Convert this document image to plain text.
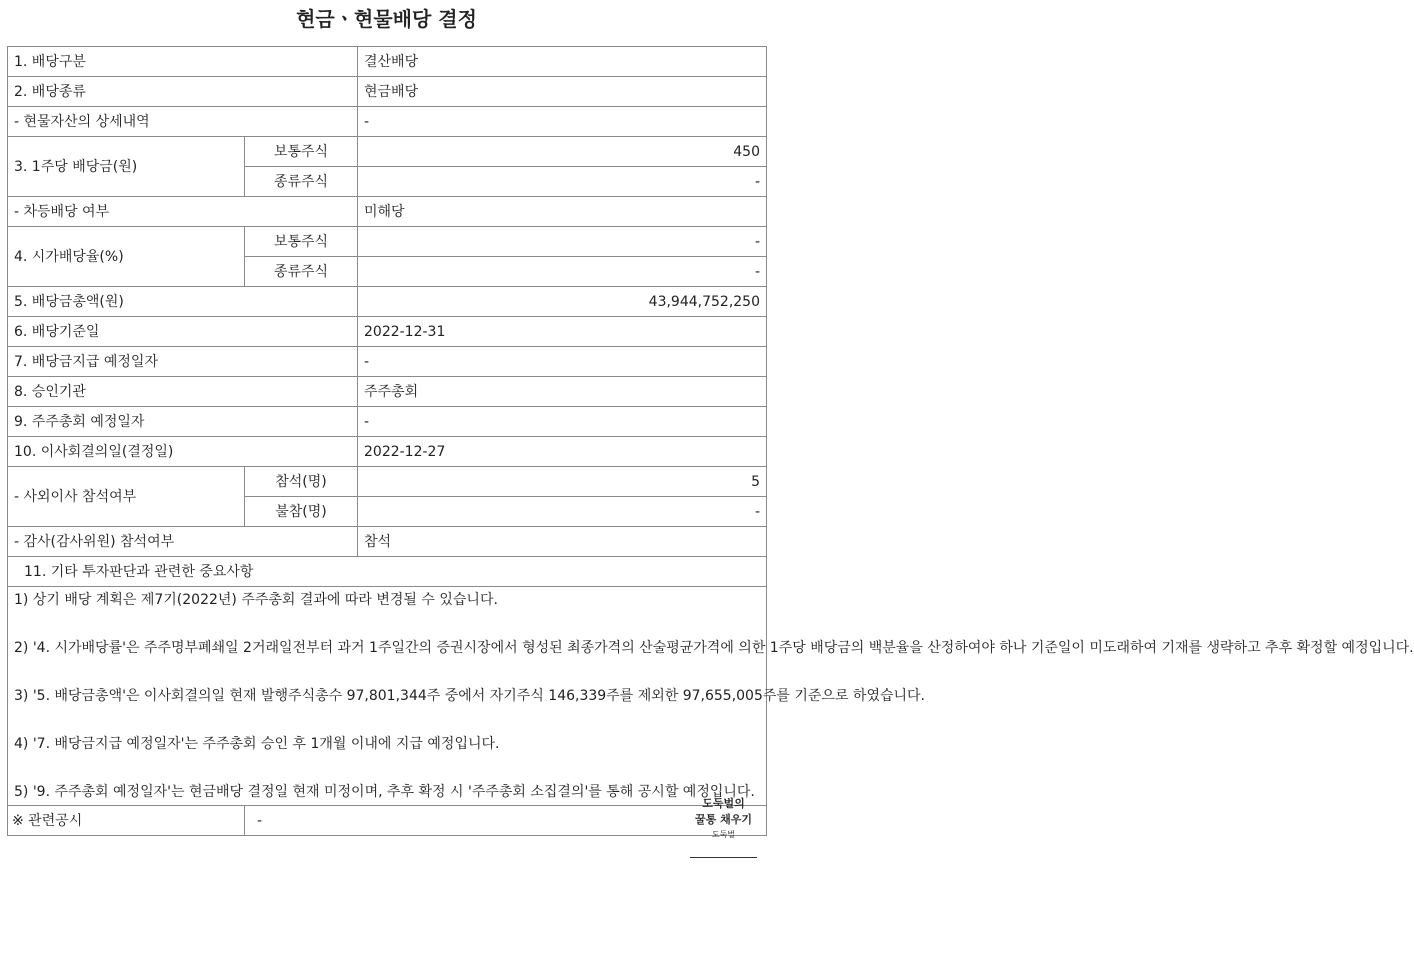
현금ㆍ현물배당 결정
1. 배당구분		결산배당
2. 배당종류		현금배당
- 현물자산의 상세내역		-
3. 1주당 배당금(원)	보통주식	450
	종류주식	-
- 차등배당 여부		미해당
4. 시가배당율(%)	보통주식	-
	종류주식	-
5. 배당금총액(원)		43,944,752,250
6. 배당기준일		2022-12-31
7. 배당금지급 예정일자		-
8. 승인기관		주주총회
9. 주주총회 예정일자		-
10. 이사회결의일(결정일)		2022-12-27
- 사외이사 참석여부	참석(명)	5
	불참(명)	-
- 감사(감사위원) 참석여부		참석
11. 기타 투자판단과 관련한 중요사항		

1) 상기 배당 계획은 제7기(2022년) 주주총회 결과에 따라 변경될 수 있습니다.

2) '4. 시가배당률'은 주주명부폐쇄일 2거래일전부터 과거 1주일간의 증권시장에서 형성된 최종가격의 산술평균가격에 의한 1주당 배당금의 백분율을 산정하여야 하나 기준일이 미도래하여 기재를 생략하고 추후 확정할 예정입니다.

3) '5. 배당금총액'은 이사회결의일 현재 발행주식총수 97,801,344주 중에서 자기주식 146,339주를 제외한 97,655,005주를 기준으로 하였습니다.

4) '7. 배당금지급 예정일자'는 주주총회 승인 후 1개월 이내에 지급 예정입니다.

5) '9. 주주총회 예정일자'는 현금배당 결정일 현재 미정이며, 추후 확정 시 '주주총회 소집결의'를 통해 공시할 예정입니다.		

※ 관련공시	-	
도둑벌의
꿀통 채우기
도둑벌
